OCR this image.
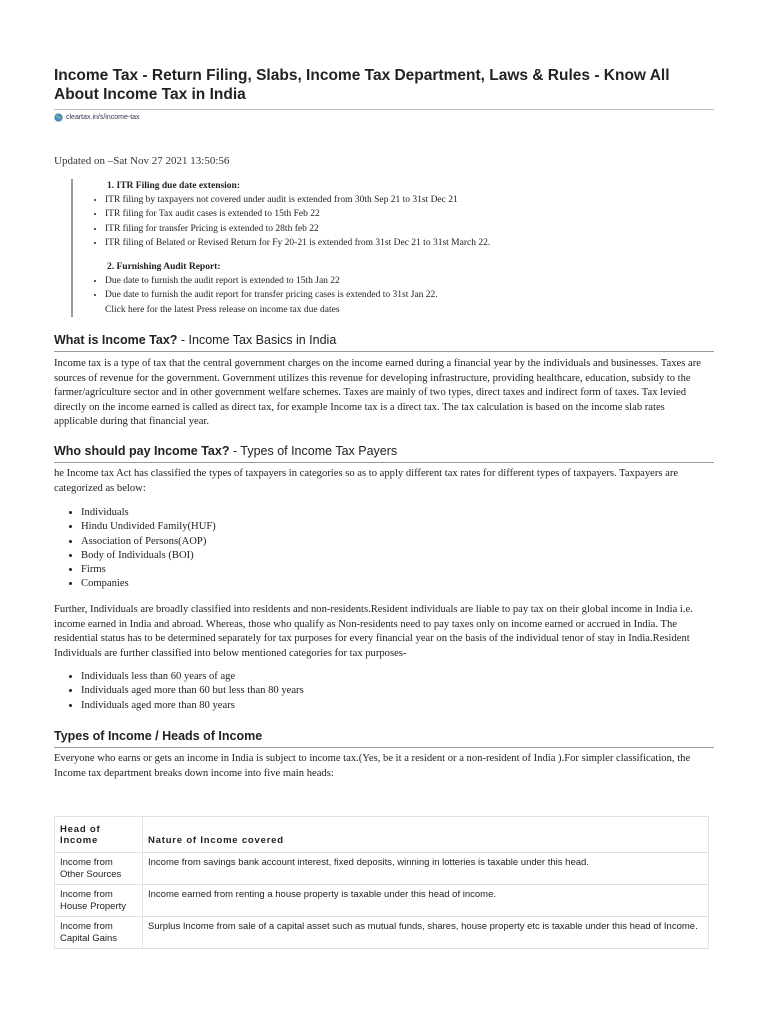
Income Tax - Return Filing, Slabs, Income Tax Department, Laws & Rules - Know All About Income Tax in India
cleartax.in/s/income-tax
Updated on –Sat Nov 27 2021 13:50:56

1. ITR Filing due date extension:

• ITR filing by taxpayers not covered under audit is extended from 30th Sep 21 to 31st Dec 21
• ITR filing for Tax audit cases is extended to 15th Feb 22
• ITR filing for transfer Pricing is extended to 28th feb 22
• ITR filing of Belated or Revised Return for Fy 20-21 is extended from 31st Dec 21 to 31st March 22.

2. Furnishing Audit Report:

• Due date to furnish the audit report is extended to 15th Jan 22
• Due date to furnish the audit report for transfer pricing cases is extended to 31st Jan 22.

Click here for the latest Press release on income tax due dates

What is Income Tax? - Income Tax Basics in India

Income tax is a type of tax that the central government charges on the income earned during a financial year by the individuals and businesses. Taxes are sources of revenue for the government. Government utilizes this revenue for developing infrastructure, providing healthcare, education, subsidy to the farmer/agriculture sector and in other government welfare schemes. Taxes are mainly of two types, direct taxes and indirect form of taxes. Tax levied directly on the income earned is called as direct tax, for example Income tax is a direct tax. The tax calculation is based on the income slab rates applicable during that financial year.

Who should pay Income Tax? - Types of Income Tax Payers

he Income tax Act has classified the types of taxpayers in categories so as to apply different tax rates for different types of taxpayers. Taxpayers are categorized as below:

• Individuals
• Hindu Undivided Family(HUF)
• Association of Persons(AOP)
• Body of Individuals (BOI)
• Firms
• Companies

Further, Individuals are broadly classified into residents and non-residents.Resident individuals are liable to pay tax on their global income in India i.e. income earned in India and abroad. Whereas, those who qualify as Non-residents need to pay taxes only on income earned or accrued in India. The residential status has to be determined separately for tax purposes for every financial year on the basis of the individual tenor of stay in India.Resident Individuals are further classified into below mentioned categories for tax purposes-

• Individuals less than 60 years of age
• Individuals aged more than 60 but less than 80 years
• Individuals aged more than 80 years
Types of Income / Heads of Income

Everyone who earns or gets an income in India is subject to income tax.(Yes, be it a resident or a non-resident of India ).For simpler classification, the Income tax department breaks down income into five main heads:

Head of Income	Nature of Income covered
Income from Other Sources	Income from savings bank account interest, fixed deposits, winning in lotteries is taxable under this head.
Income from House Property	Income earned from renting a house property is taxable under this head of income.
Income from Capital Gains	Surplus Income from sale of a capital asset such as mutual funds, shares, house property etc is taxable under this head of Income.
